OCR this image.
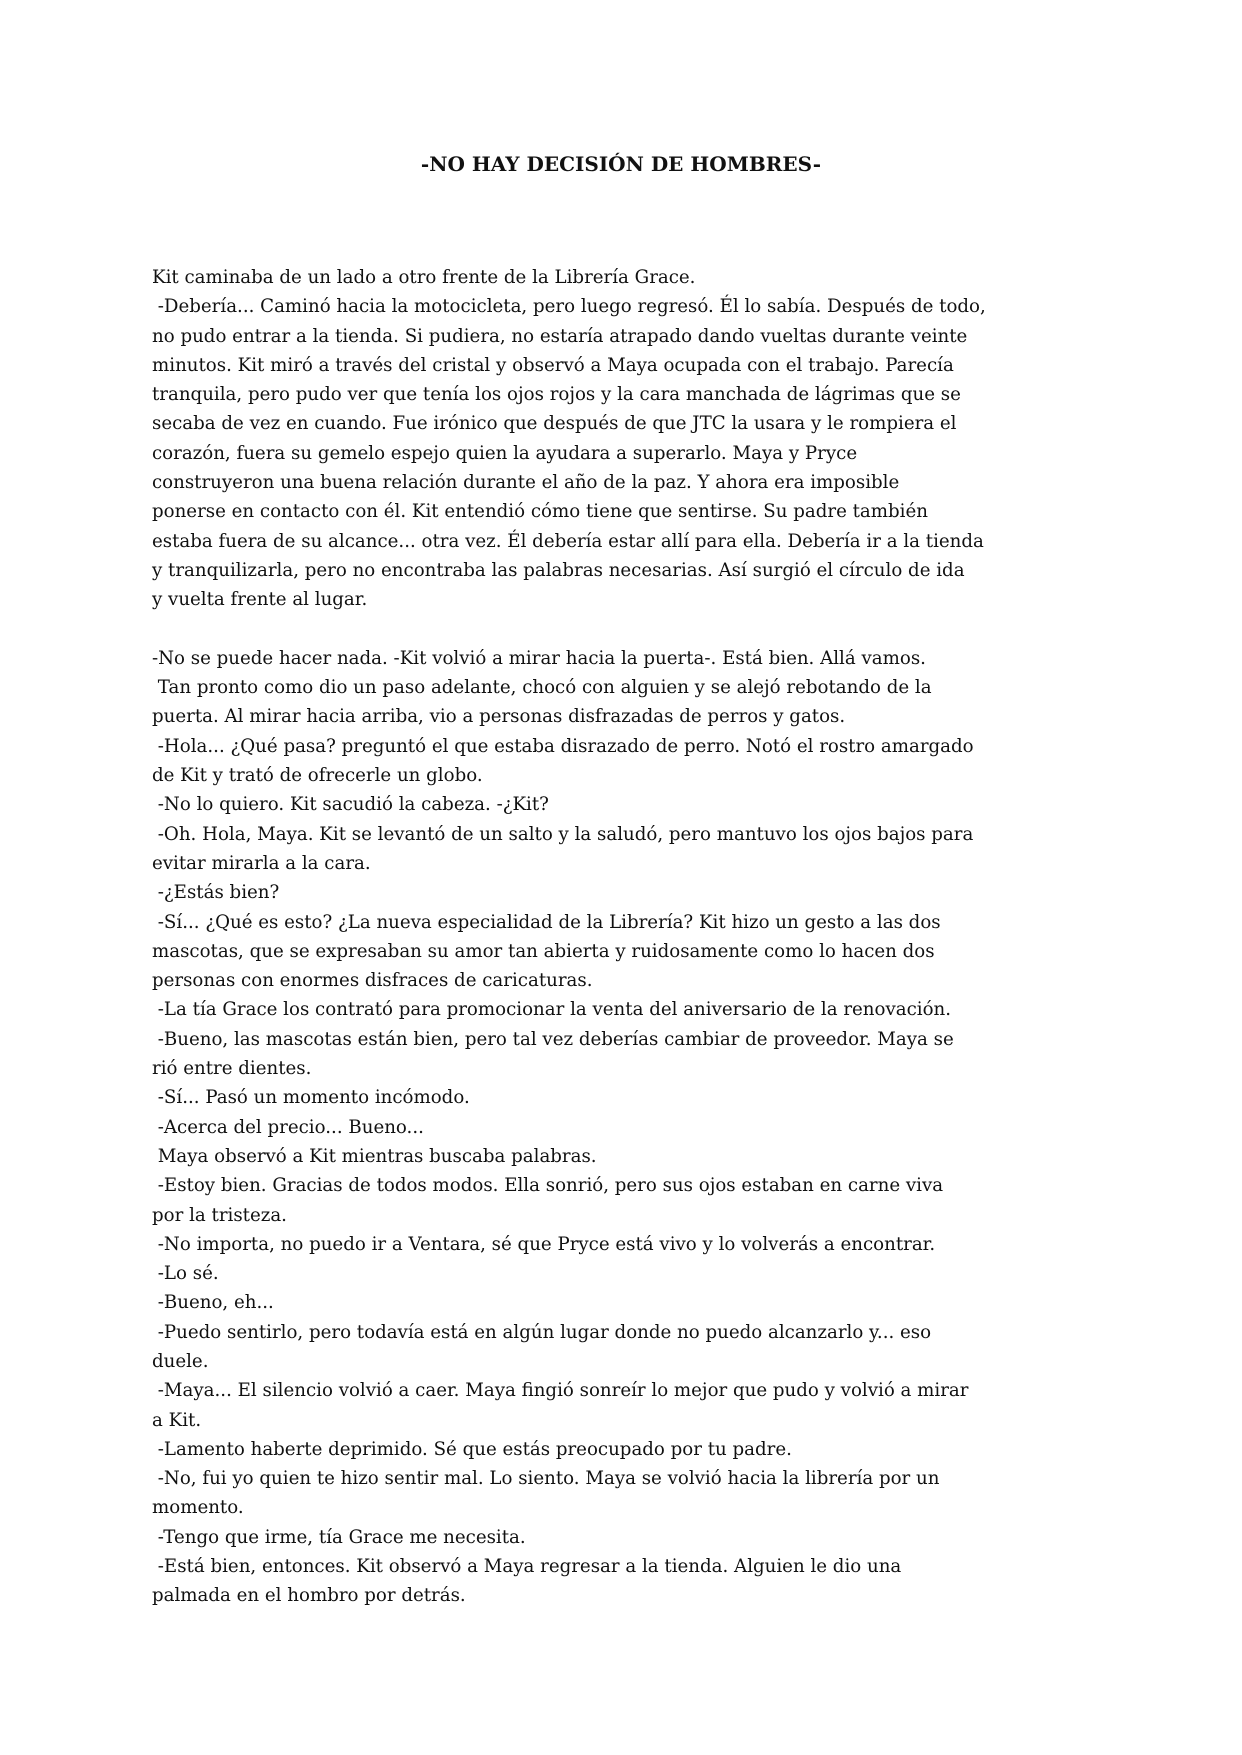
-NO HAY DECISIÓN DE HOMBRES-

Kit caminaba de un lado a otro frente de la Librería Grace.

-Debería... Caminó hacia la motocicleta, pero luego regresó. Él lo sabía. Después de todo,

no pudo entrar a la tienda. Si pudiera, no estaría atrapado dando vueltas durante veinte

minutos. Kit miró a través del cristal y observó a Maya ocupada con el trabajo. Parecía

tranquila, pero pudo ver que tenía los ojos rojos y la cara manchada de lágrimas que se

secaba de vez en cuando. Fue irónico que después de que JTC la usara y le rompiera el

corazón, fuera su gemelo espejo quien la ayudara a superarlo. Maya y Pryce

construyeron una buena relación durante el año de la paz. Y ahora era imposible

ponerse en contacto con él. Kit entendió cómo tiene que sentirse. Su padre también

estaba fuera de su alcance... otra vez. Él debería estar allí para ella. Debería ir a la tienda

y tranquilizarla, pero no encontraba las palabras necesarias. Así surgió el círculo de ida

y vuelta frente al lugar.

-No se puede hacer nada. -Kit volvió a mirar hacia la puerta-. Está bien. Allá vamos.

Tan pronto como dio un paso adelante, chocó con alguien y se alejó rebotando de la

puerta. Al mirar hacia arriba, vio a personas disfrazadas de perros y gatos.

-Hola... ¿Qué pasa? preguntó el que estaba disrazado de perro. Notó el rostro amargado

de Kit y trató de ofrecerle un globo.

-No lo quiero. Kit sacudió la cabeza. -¿Kit?

-Oh. Hola, Maya. Kit se levantó de un salto y la saludó, pero mantuvo los ojos bajos para

evitar mirarla a la cara.

-¿Estás bien?

-Sí... ¿Qué es esto? ¿La nueva especialidad de la Librería? Kit hizo un gesto a las dos

mascotas, que se expresaban su amor tan abierta y ruidosamente como lo hacen dos

personas con enormes disfraces de caricaturas.

-La tía Grace los contrató para promocionar la venta del aniversario de la renovación.

-Bueno, las mascotas están bien, pero tal vez deberías cambiar de proveedor. Maya se

rió entre dientes.

-Sí... Pasó un momento incómodo.

-Acerca del precio... Bueno...

Maya observó a Kit mientras buscaba palabras.

-Estoy bien. Gracias de todos modos. Ella sonrió, pero sus ojos estaban en carne viva

por la tristeza.

-No importa, no puedo ir a Ventara, sé que Pryce está vivo y lo volverás a encontrar.

-Lo sé.

-Bueno, eh...

-Puedo sentirlo, pero todavía está en algún lugar donde no puedo alcanzarlo y... eso

duele.

-Maya... El silencio volvió a caer. Maya fingió sonreír lo mejor que pudo y volvió a mirar

a Kit.

-Lamento haberte deprimido. Sé que estás preocupado por tu padre.

-No, fui yo quien te hizo sentir mal. Lo siento. Maya se volvió hacia la librería por un

momento.

-Tengo que irme, tía Grace me necesita.

-Está bien, entonces. Kit observó a Maya regresar a la tienda. Alguien le dio una

palmada en el hombro por detrás.
